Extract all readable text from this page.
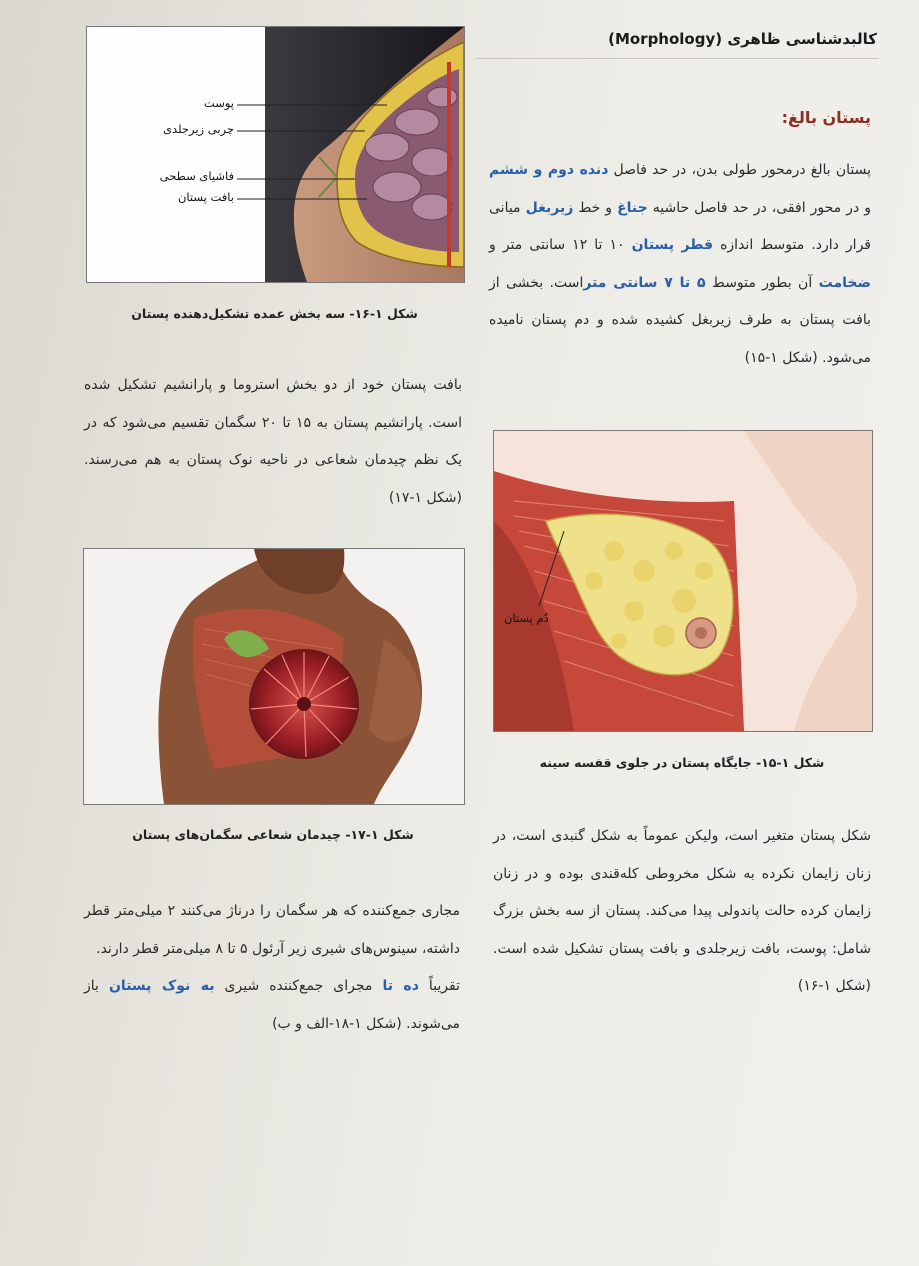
کالبدشناسی ظاهری (Morphology)
پستان بالغ:
پستان بالغ درمحور طولی بدن، در حد فاصل دنده دوم و ششم و در محور افقی، در حد فاصل حاشیه جناغ و خط زیربغل میانی قرار دارد. متوسط اندازه قطر پستان ۱۰ تا ۱۲ سانتی متر و ضخامت آن بطور متوسط ۵ تا ۷ سانتی متراست. بخشی از بافت پستان به طرف زیربغل کشیده شده و دم پستان نامیده می‌شود. (شکل ۱-۱۵)
پوست
چربی زیرجلدی
فاشیای سطحی
بافت پستان
شکل ۱-۱۶- سه بخش عمده تشکیل‌دهنده پستان
بافت پستان خود از دو بخش استروما و پارانشیم تشکیل شده است. پارانشیم پستان به ۱۵ تا ۲۰ سگمان تقسیم می‌شود که در یک نظم چیدمان شعاعی در ناحیه نوک پستان به هم می‌رسند. (شکل ۱-۱۷)
دُم پستان
شکل ۱-۱۵- جایگاه پستان در جلوی قفسه سینه
شکل ۱-۱۷- چیدمان شعاعی سگمان‌های پستان	شکل پستان متغیر است، ولیکن عموماً به شکل گنبدی است، در زنان زایمان نکرده به شکل مخروطی کله‌قندی بوده و در زنان زایمان کرده حالت پاندولی پیدا می‌کند. پستان از سه بخش بزرگ شامل: پوست، بافت زیرجلدی و بافت پستان تشکیل شده است. (شکل ۱-۱۶)
مجاری جمع‌کننده که هر سگمان را درناژ می‌کنند ۲ میلی‌متر قطر داشته، سینوس‌های شیری زیر آرئول ۵ تا ۸ میلی‌متر قطر دارند.
تقریباً ده تا مجرای جمع‌کننده شیری به نوک پستان باز می‌شوند. (شکل ۱-۱۸-الف و ب)
